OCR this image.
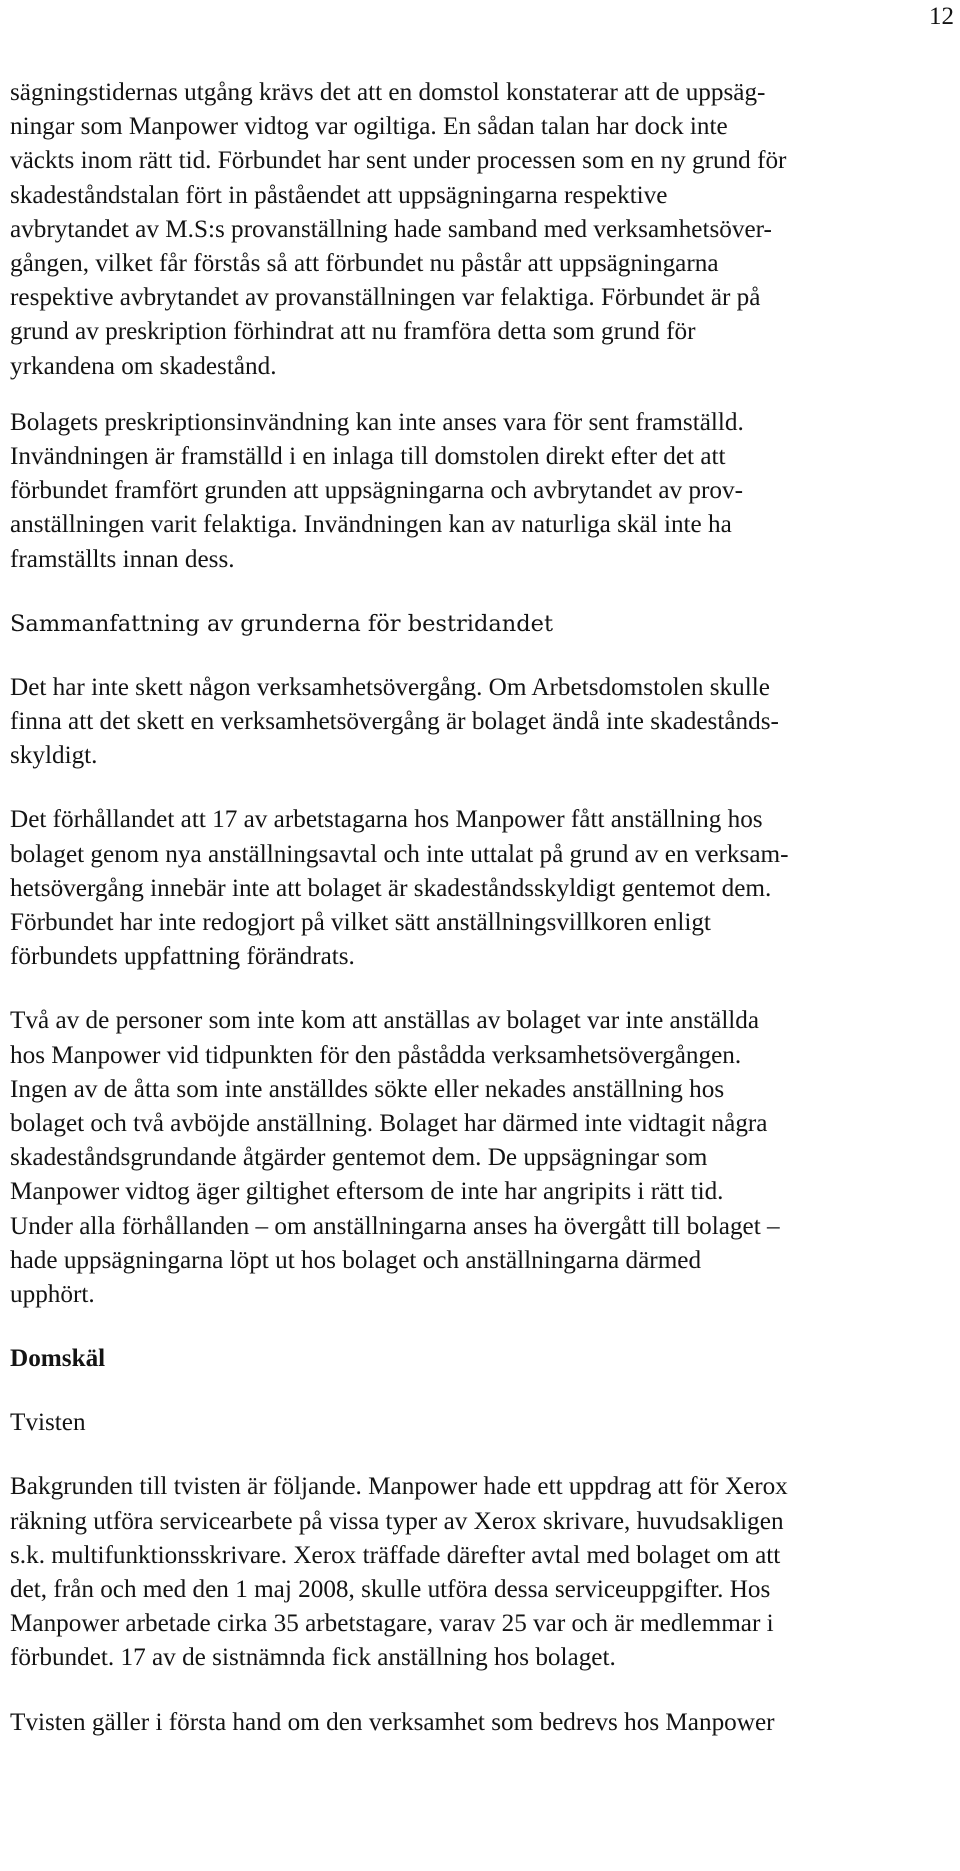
12

sägningstidernas utgång krävs det att en domstol konstaterar att de uppsäg-
ningar som Manpower vidtog var ogiltiga. En sådan talan har dock inte
väckts inom rätt tid. Förbundet har sent under processen som en ny grund för
skadeståndstalan fört in påståendet att uppsägningarna respektive
avbrytandet av M.S:s provanställning hade samband med verksamhetsöver-
gången, vilket får förstås så att förbundet nu påstår att uppsägningarna
respektive avbrytandet av provanställningen var felaktiga. Förbundet är på
grund av preskription förhindrat att nu framföra detta som grund för
yrkandena om skadestånd.

Bolagets preskriptionsinvändning kan inte anses vara för sent framställd.
Invändningen är framställd i en inlaga till domstolen direkt efter det att
förbundet framfört grunden att uppsägningarna och avbrytandet av prov-
anställningen varit felaktiga. Invändningen kan av naturliga skäl inte ha
framställts innan dess.

Sammanfattning av grunderna för bestridandet

Det har inte skett någon verksamhetsövergång. Om Arbetsdomstolen skulle
finna att det skett en verksamhetsövergång är bolaget ändå inte skadestånds-
skyldigt.

Det förhållandet att 17 av arbetstagarna hos Manpower fått anställning hos
bolaget genom nya anställningsavtal och inte uttalat på grund av en verksam-
hetsövergång innebär inte att bolaget är skadeståndsskyldigt gentemot dem.
Förbundet har inte redogjort på vilket sätt anställningsvillkoren enligt
förbundets uppfattning förändrats.

Två av de personer som inte kom att anställas av bolaget var inte anställda
hos Manpower vid tidpunkten för den påstådda verksamhetsövergången.
Ingen av de åtta som inte anställdes sökte eller nekades anställning hos
bolaget och två avböjde anställning. Bolaget har därmed inte vidtagit några
skadeståndsgrundande åtgärder gentemot dem. De uppsägningar som
Manpower vidtog äger giltighet eftersom de inte har angripits i rätt tid.
Under alla förhållanden – om anställningarna anses ha övergått till bolaget –
hade uppsägningarna löpt ut hos bolaget och anställningarna därmed
upphört.

Domskäl
Tvisten

Bakgrunden till tvisten är följande. Manpower hade ett uppdrag att för Xerox
räkning utföra servicearbete på vissa typer av Xerox skrivare, huvudsakligen
s.k. multifunktionsskrivare. Xerox träffade därefter avtal med bolaget om att
det, från och med den 1 maj 2008, skulle utföra dessa serviceuppgifter. Hos
Manpower arbetade cirka 35 arbetstagare, varav 25 var och är medlemmar i
förbundet. 17 av de sistnämnda fick anställning hos bolaget.

Tvisten gäller i första hand om den verksamhet som bedrevs hos Manpower
